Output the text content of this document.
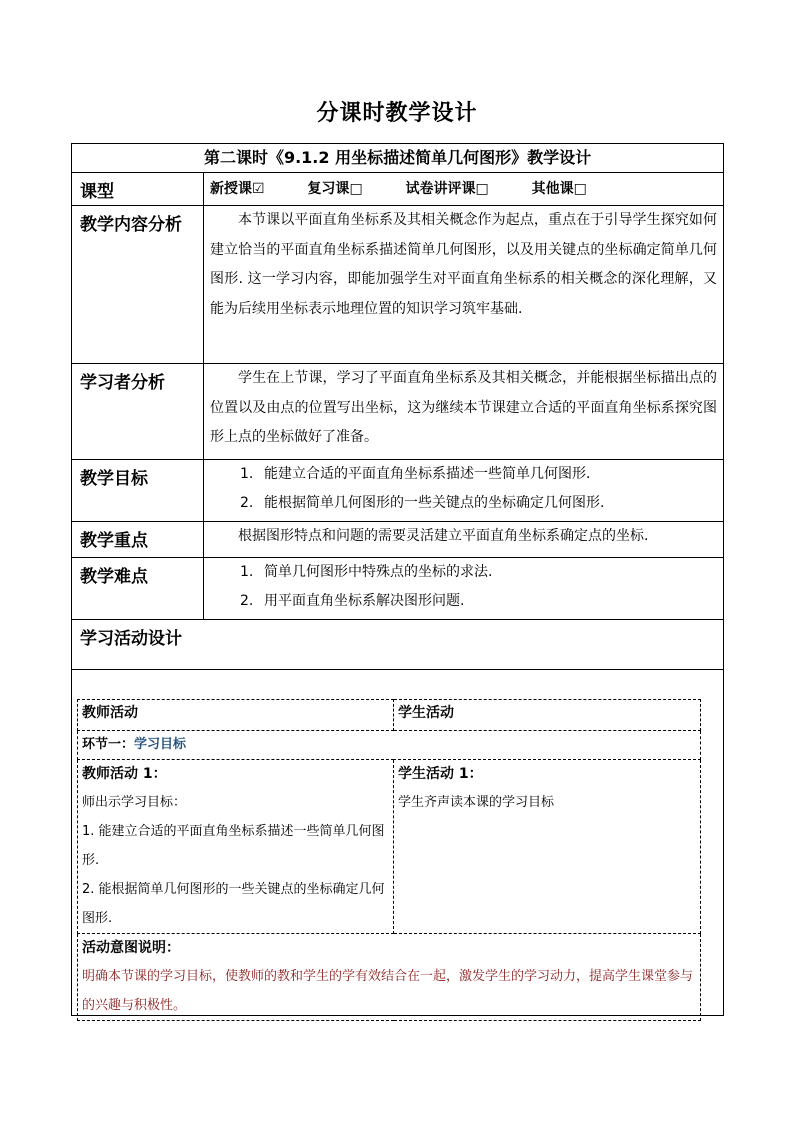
分课时教学设计
第二课时《9.1.2 用坐标描述简单几何图形》教学设计
课型	新授课☑	复习课□	试卷讲评课□	其他课□
教学内容分析	本节课以平面直角坐标系及其相关概念作为起点，重点在于引导学生探究如何建立恰当的平面直角坐标系描述简单几何图形，以及用关键点的坐标确定简单几何图形. 这一学习内容，即能加强学生对平面直角坐标系的相关概念的深化理解，又能为后续用坐标表示地理位置的知识学习筑牢基础.

学习者分析	学生在上节课，学习了平面直角坐标系及其相关概念，并能根据坐标描出点的位置以及由点的位置写出坐标，这为继续本节课建立合适的平面直角坐标系探究图形上点的坐标做好了准备。

教学目标	1. 能建立合适的平面直角坐标系描述一些简单几何图形.
2. 能根据简单几何图形的一些关键点的坐标确定几何图形.

教学重点	根据图形特点和问题的需要灵活建立平面直角坐标系确定点的坐标.

教学难点	1. 简单几何图形中特殊点的坐标的求法.
2. 用平面直角坐标系解决图形问题.

学习活动设计

教师活动	学生活动
环节一：学习目标

教师活动 1：
师出示学习目标：
1. 能建立合适的平面直角坐标系描述一些简单几何图形.
2. 能根据简单几何图形的一些关键点的坐标确定几何图形.

学生活动 1：
学生齐声读本课的学习目标

活动意图说明：
明确本节课的学习目标，使教师的教和学生的学有效结合在一起，激发学生的学习动力，提高学生课堂参与的兴趣与积极性。
